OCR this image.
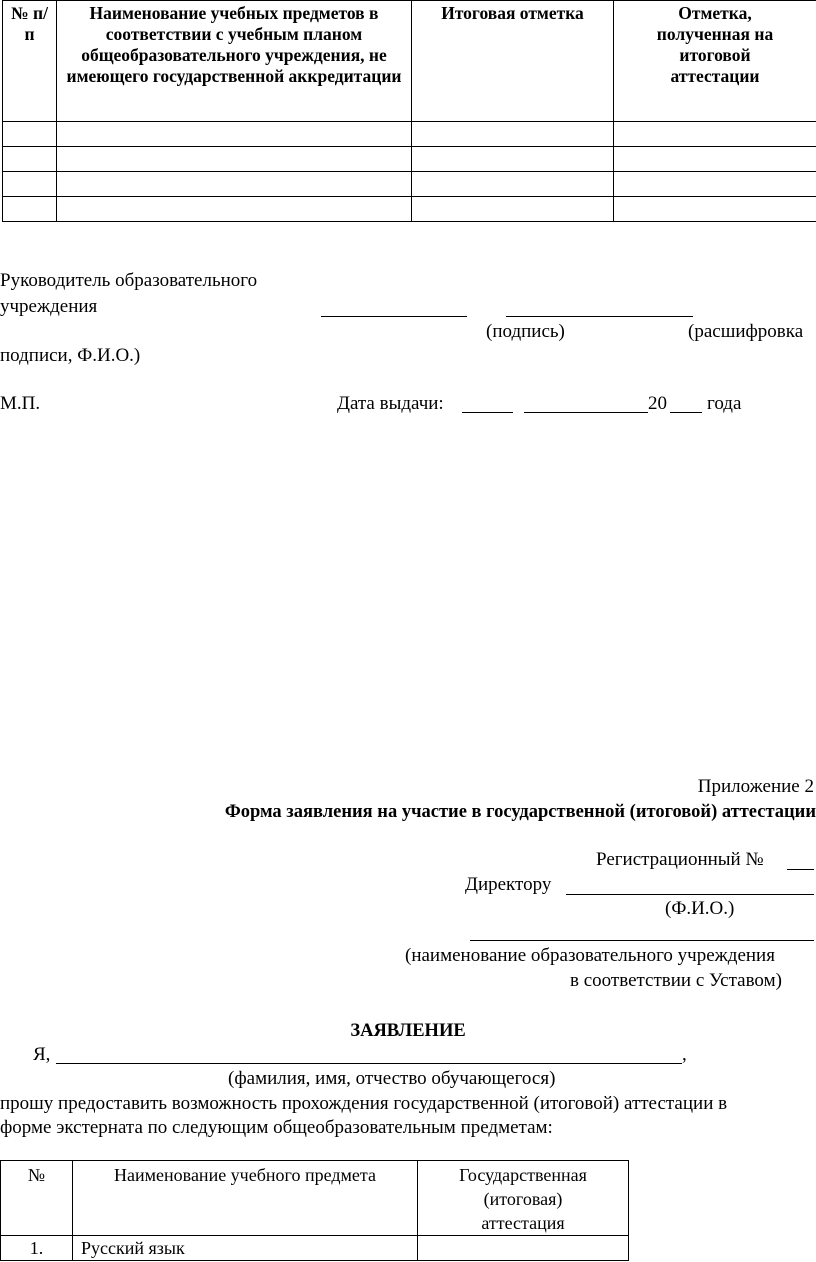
№ п/п	Наименование учебных предметов в соответствии с учебным планом общеобразовательного учреждения, не имеющего государственной аккредитации	Итоговая отметка	Отметка, полученная на итоговой аттестации

Руководитель образовательного
учреждения
(подпись)	(расшифровка
подписи, Ф.И.О.)
М.П.	Дата выдачи:	20 года
Приложение 2
Форма заявления на участие в государственной (итоговой) аттестации
Регистрационный №
Директору
(Ф.И.О.)
(наименование образовательного учреждения
в соответствии с Уставом)
ЗАЯВЛЕНИЕ
Я,	,
(фамилия, имя, отчество обучающегося)
прошу предоставить возможность прохождения государственной (итоговой) аттестации в
форме экстерната по следующим общеобразовательным предметам:
№	Наименование учебного предмета	Государственная
(итоговая)
аттестация

1.	Русский язык	
